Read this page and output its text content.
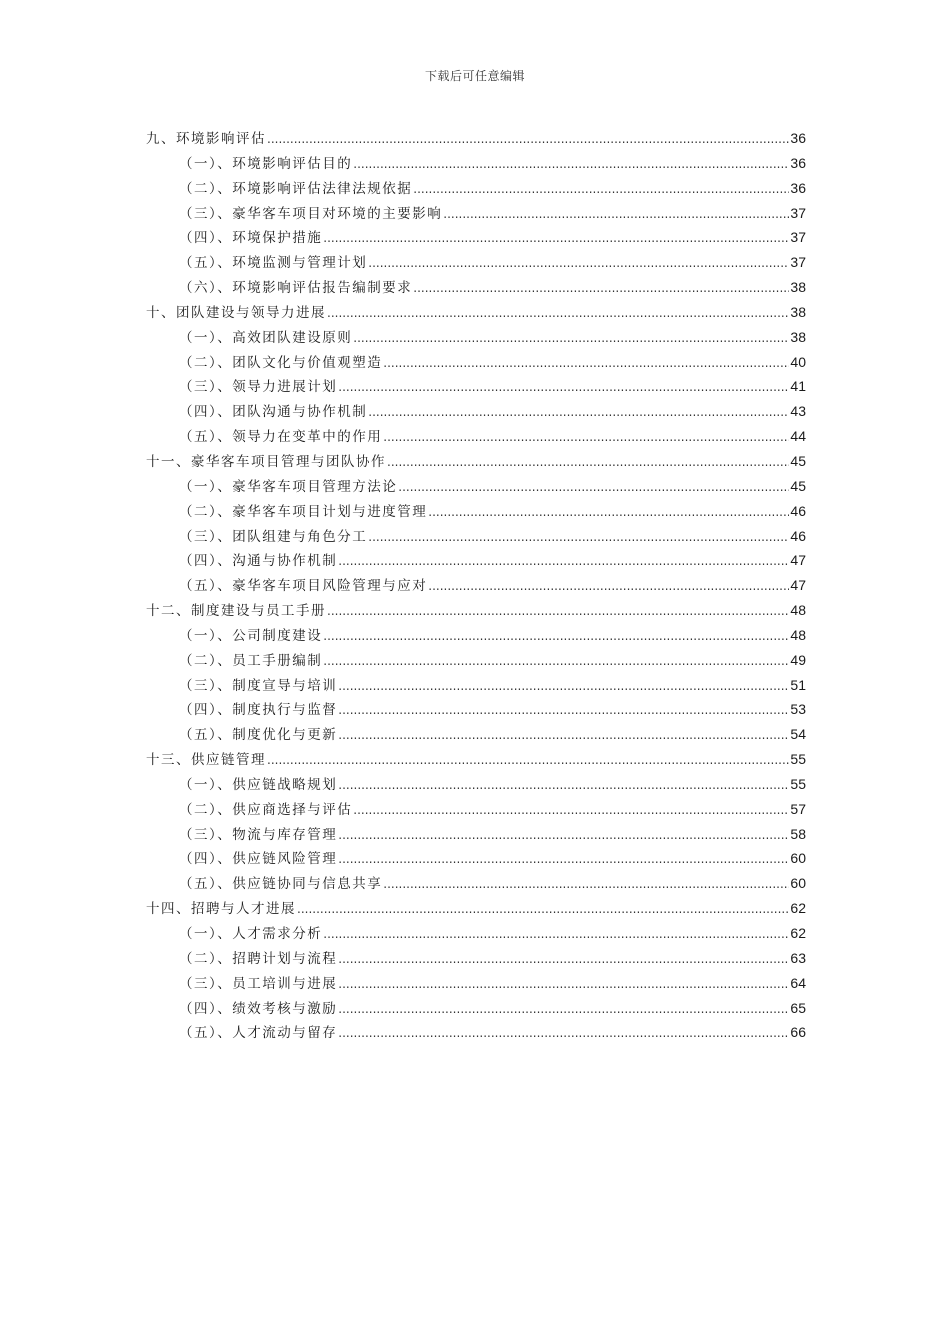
下载后可任意编辑
九、环境影响评估 .....	36
（一）、环境影响评估目的 .....	36
（二）、环境影响评估法律法规依据 .....	36
（三）、豪华客车项目对环境的主要影响 .....	37
（四）、环境保护措施 .....	37
（五）、环境监测与管理计划 .....	37
（六）、环境影响评估报告编制要求 .....	38
十、团队建设与领导力进展 .....	38
（一）、高效团队建设原则 .....	38
（二）、团队文化与价值观塑造 .....	40
（三）、领导力进展计划 .....	41
（四）、团队沟通与协作机制 .....	43
（五）、领导力在变革中的作用 .....	44
十一、豪华客车项目管理与团队协作 .....	45
（一）、豪华客车项目管理方法论 .....	45
（二）、豪华客车项目计划与进度管理 .....	46
（三）、团队组建与角色分工 .....	46
（四）、沟通与协作机制 .....	47
（五）、豪华客车项目风险管理与应对 .....	47
十二、制度建设与员工手册 .....	48
（一）、公司制度建设 .....	48
（二）、员工手册编制 .....	49
（三）、制度宣导与培训 .....	51
（四）、制度执行与监督 .....	53
（五）、制度优化与更新 .....	54
十三、供应链管理 .....	55
（一）、供应链战略规划 .....	55
（二）、供应商选择与评估 .....	57
（三）、物流与库存管理 .....	58
（四）、供应链风险管理 .....	60
（五）、供应链协同与信息共享 .....	60
十四、招聘与人才进展 .....	62
（一）、人才需求分析 .....	62
（二）、招聘计划与流程 .....	63
（三）、员工培训与进展 .....	64
（四）、绩效考核与激励 .....	65
（五）、人才流动与留存 .....	66
